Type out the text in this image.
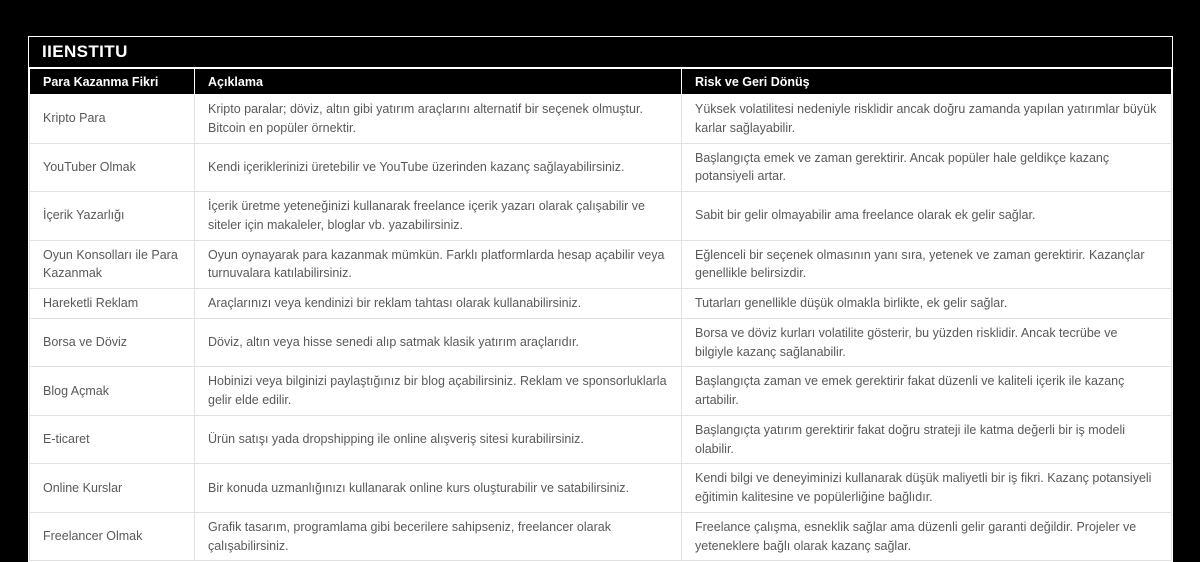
IIENSTITU
Para Kazanma Fikri	Açıklama	Risk ve Geri Dönüş
Kripto Para	Kripto paralar; döviz, altın gibi yatırım araçlarını alternatif bir seçenek olmuştur. Bitcoin en popüler örnektir.	Yüksek volatilitesi nedeniyle risklidir ancak doğru zamanda yapılan yatırımlar büyük karlar sağlayabilir.
YouTuber Olmak	Kendi içeriklerinizi üretebilir ve YouTube üzerinden kazanç sağlayabilirsiniz.	Başlangıçta emek ve zaman gerektirir. Ancak popüler hale geldikçe kazanç potansiyeli artar.
İçerik Yazarlığı	İçerik üretme yeteneğinizi kullanarak freelance içerik yazarı olarak çalışabilir ve siteler için makaleler, bloglar vb. yazabilirsiniz.	Sabit bir gelir olmayabilir ama freelance olarak ek gelir sağlar.
Oyun Konsolları ile Para Kazanmak	Oyun oynayarak para kazanmak mümkün. Farklı platformlarda hesap açabilir veya turnuvalara katılabilirsiniz.	Eğlenceli bir seçenek olmasının yanı sıra, yetenek ve zaman gerektirir. Kazançlar genellikle belirsizdir.
Hareketli Reklam	Araçlarınızı veya kendinizi bir reklam tahtası olarak kullanabilirsiniz.	Tutarları genellikle düşük olmakla birlikte, ek gelir sağlar.
Borsa ve Döviz	Döviz, altın veya hisse senedi alıp satmak klasik yatırım araçlarıdır.	Borsa ve döviz kurları volatilite gösterir, bu yüzden risklidir. Ancak tecrübe ve bilgiyle kazanç sağlanabilir.
Blog Açmak	Hobinizi veya bilginizi paylaştığınız bir blog açabilirsiniz. Reklam ve sponsorluklarla gelir elde edilir.	Başlangıçta zaman ve emek gerektirir fakat düzenli ve kaliteli içerik ile kazanç artabilir.
E-ticaret	Ürün satışı yada dropshipping ile online alışveriş sitesi kurabilirsiniz.	Başlangıçta yatırım gerektirir fakat doğru strateji ile katma değerli bir iş modeli olabilir.
Online Kurslar	Bir konuda uzmanlığınızı kullanarak online kurs oluşturabilir ve satabilirsiniz.	Kendi bilgi ve deneyiminizi kullanarak düşük maliyetli bir iş fikri. Kazanç potansiyeli eğitimin kalitesine ve popülerliğine bağlıdır.
Freelancer Olmak	Grafik tasarım, programlama gibi becerilere sahipseniz, freelancer olarak çalışabilirsiniz.	Freelance çalışma, esneklik sağlar ama düzenli gelir garanti değildir. Projeler ve yeteneklere bağlı olarak kazanç sağlar.
